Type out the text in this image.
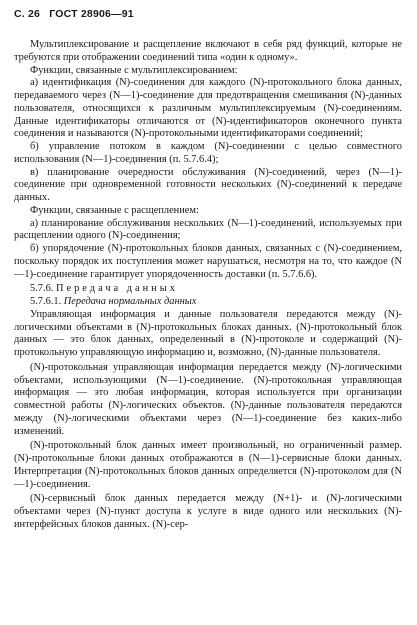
С. 26 ГОСТ 28906—91

Мультиплексирование и расщепление включают в себя ряд функций, которые не требуются при отображении соединений типа «один к одному».

Функции, связанные с мультиплексированием:

а) идентификация (N)-соединения для каждого (N)-протокольного блока данных, передаваемого через (N—1)-соединение для предотвращения смешивания (N)-данных пользователя, относящихся к различным мультиплексируемым (N)-соединениям. Данные идентификаторы отличаются от (N)-идентификаторов оконечного пункта соединения и называются (N)-протокольными идентификаторами соединений;

б) управление потоком в каждом (N)-соединении с целью совместного использования (N—1)-соединения (п. 5.7.6.4);

в) планирование очередности обслуживания (N)-соединений, через (N—1)-соединение при одновременной готовности нескольких (N)-соединений к передаче данных.

Функции, связанные с расщеплением:

а) планирование обслуживания нескольких (N—1)-соединений, используемых при расщеплении одного (N)-соединения;

б) упорядочение (N)-протокольных блоков данных, связанных с (N)-соединением, поскольку порядок их поступления может нарушаться, несмотря на то, что каждое (N—1)-соединение гарантирует упорядоченность доставки (п. 5.7.6.6).

5.7.6. Передача данных

5.7.6.1. Передача нормальных данных

Управляющая информация и данные пользователя передаются между (N)-логическими объектами в (N)-протокольных блоках данных. (N)-протокольный блок данных — это блок данных, определенный в (N)-протоколе и содержащий (N)-протокольную управляющую информацию и, возможно, (N)-данные пользователя.

(N)-протокольная управляющая информация передается между (N)-логическими объектами, использующими (N—1)-соединение. (N)-протокольная управляющая информация — это любая информация, которая используется при организации совместной работы (N)-логических объектов. (N)-данные пользователя передаются между (N)-логическими объектами через (N—1)-соединение без каких-либо изменений.

(N)-протокольный блок данных имеет произвольный, но ограниченный размер. (N)-протокольные блоки данных отображаются в (N—1)-сервисные блоки данных. Интерпретация (N)-протокольных блоков данных определяется (N)-протоколом для (N—1)-соединения.

(N)-сервисный блок данных передается между (N+1)- и (N)-логическими объектами через (N)-пункт доступа к услуге в виде одного или нескольких (N)-интерфейсных блоков данных. (N)-сер-
